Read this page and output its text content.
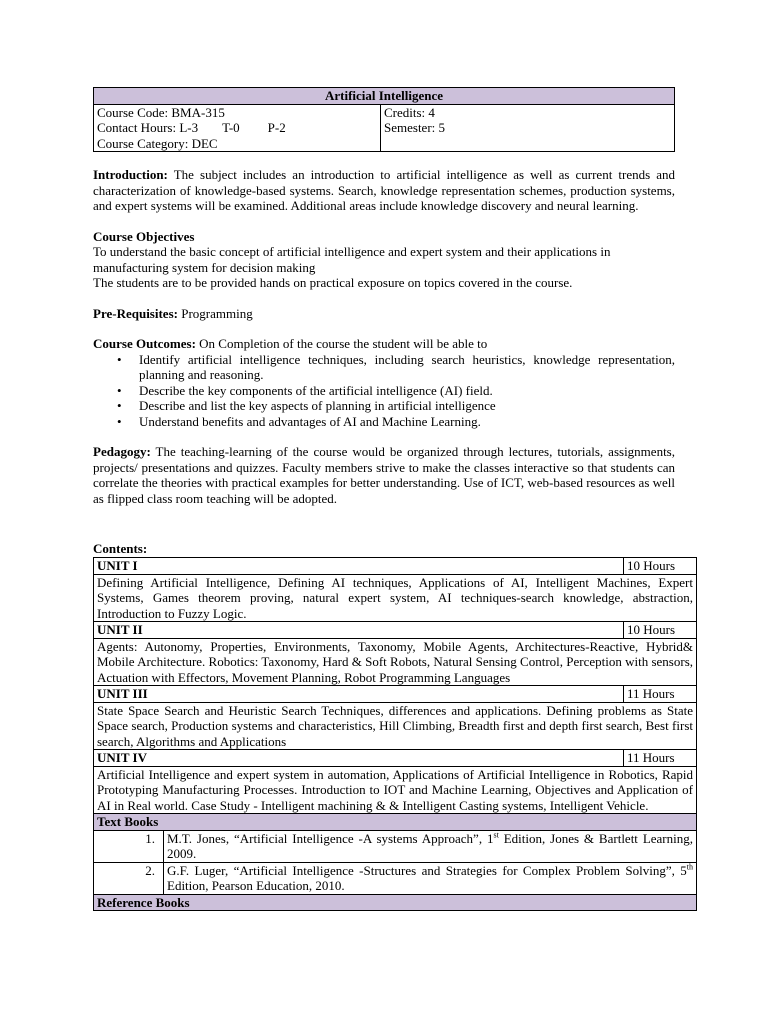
Artificial Intelligence

Course Code: BMA-315
Contact Hours: L-3 T-0 P-2
Course Category: DEC

Credits: 4
Semester: 5
Introduction: The subject includes an introduction to artificial intelligence as well as current trends and characterization of knowledge-based systems. Search, knowledge representation schemes, production systems, and expert systems will be examined. Additional areas include knowledge discovery and neural learning.
Course Objectives
To understand the basic concept of artificial intelligence and expert system and their applications in manufacturing system for decision making
The students are to be provided hands on practical exposure on topics covered in the course.
Pre-Requisites: Programming
Course Outcomes: On Completion of the course the student will be able to
• Identify artificial intelligence techniques, including search heuristics, knowledge representation, planning and reasoning.
• Describe the key components of the artificial intelligence (AI) field.
• Describe and list the key aspects of planning in artificial intelligence
• Understand benefits and advantages of AI and Machine Learning.
Pedagogy: The teaching-learning of the course would be organized through lectures, tutorials, assignments, projects/ presentations and quizzes. Faculty members strive to make the classes interactive so that students can correlate the theories with practical examples for better understanding. Use of ICT, web-based resources as well as flipped class room teaching will be adopted.
Contents:
UNIT I	10 Hours
Defining Artificial Intelligence, Defining AI techniques, Applications of AI, Intelligent Machines, Expert Systems, Games theorem proving, natural expert system, AI techniques-search knowledge, abstraction, Introduction to Fuzzy Logic.	
UNIT II	10 Hours
Agents: Autonomy, Properties, Environments, Taxonomy, Mobile Agents, Architectures-Reactive, Hybrid& Mobile Architecture. Robotics: Taxonomy, Hard & Soft Robots, Natural Sensing Control, Perception with sensors, Actuation with Effectors, Movement Planning, Robot Programming Languages	
UNIT III	11 Hours
State Space Search and Heuristic Search Techniques, differences and applications. Defining problems as State Space search, Production systems and characteristics, Hill Climbing, Breadth first and depth first search, Best first search, Algorithms and Applications	
UNIT IV	11 Hours
Artificial Intelligence and expert system in automation, Applications of Artificial Intelligence in Robotics, Rapid Prototyping Manufacturing Processes. Introduction to IOT and Machine Learning, Objectives and Application of AI in Real world. Case Study - Intelligent machining & & Intelligent Casting systems, Intelligent Vehicle.	
Text Books	
1.	M.T. Jones, “Artificial Intelligence -A systems Approach”, 1st Edition, Jones & Bartlett Learning, 2009.
2.	G.F. Luger, “Artificial Intelligence -Structures and Strategies for Complex Problem Solving”, 5th Edition, Pearson Education, 2010.
Reference Books	
